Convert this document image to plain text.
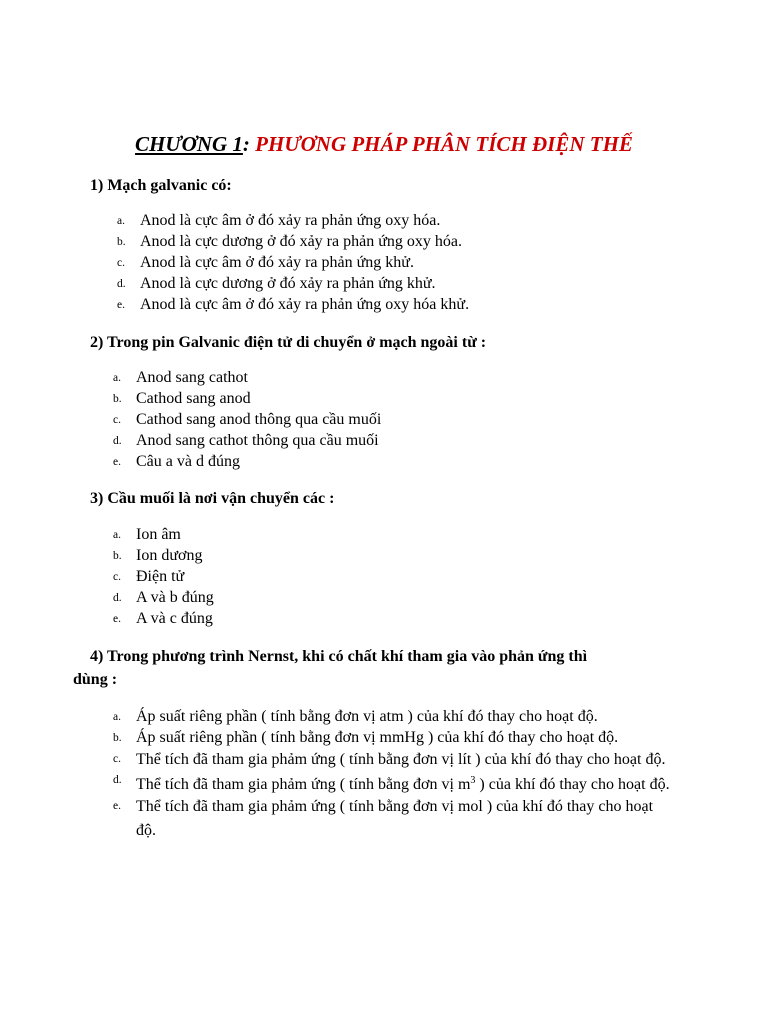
CHƯƠNG 1: PHƯƠNG PHÁP PHÂN TÍCH ĐIỆN THẾ
1) Mạch galvanic có:
a. Anod là cực âm ở đó xảy ra phản ứng oxy hóa.
b. Anod là cực dương ở đó xảy ra phản ứng oxy hóa.
c. Anod là cực âm ở đó xảy ra phản ứng khử.
d. Anod là cực dương ở đó xảy ra phản ứng khử.
e. Anod là cực âm ở đó xảy ra phản ứng oxy hóa khử.
2) Trong pin Galvanic điện tử di chuyển ở mạch ngoài từ :
a. Anod sang cathot
b. Cathod sang anod
c. Cathod sang anod thông qua cầu muối
d. Anod sang cathot thông qua cầu muối
e. Câu a và d đúng
3) Cầu muối là nơi vận chuyển các :
a. Ion âm
b. Ion dương
c. Điện tử
d. A và b đúng
e. A và c đúng
4) Trong phương trình Nernst, khi có chất khí tham gia vào phản ứng thì
dùng :
a. Áp suất riêng phần ( tính bằng đơn vị atm ) của khí đó thay cho hoạt độ.
b. Áp suất riêng phần ( tính bằng đơn vị mmHg ) của khí đó thay cho hoạt độ.
c. Thể tích đã tham gia phảm ứng ( tính bằng đơn vị lít ) của khí đó thay cho hoạt độ.
d. Thể tích đã tham gia phảm ứng ( tính bằng đơn vị $m^3$ ) của khí đó thay cho hoạt độ.
e. Thể tích đã tham gia phảm ứng ( tính bằng đơn vị mol ) của khí đó thay cho hoạt độ.
